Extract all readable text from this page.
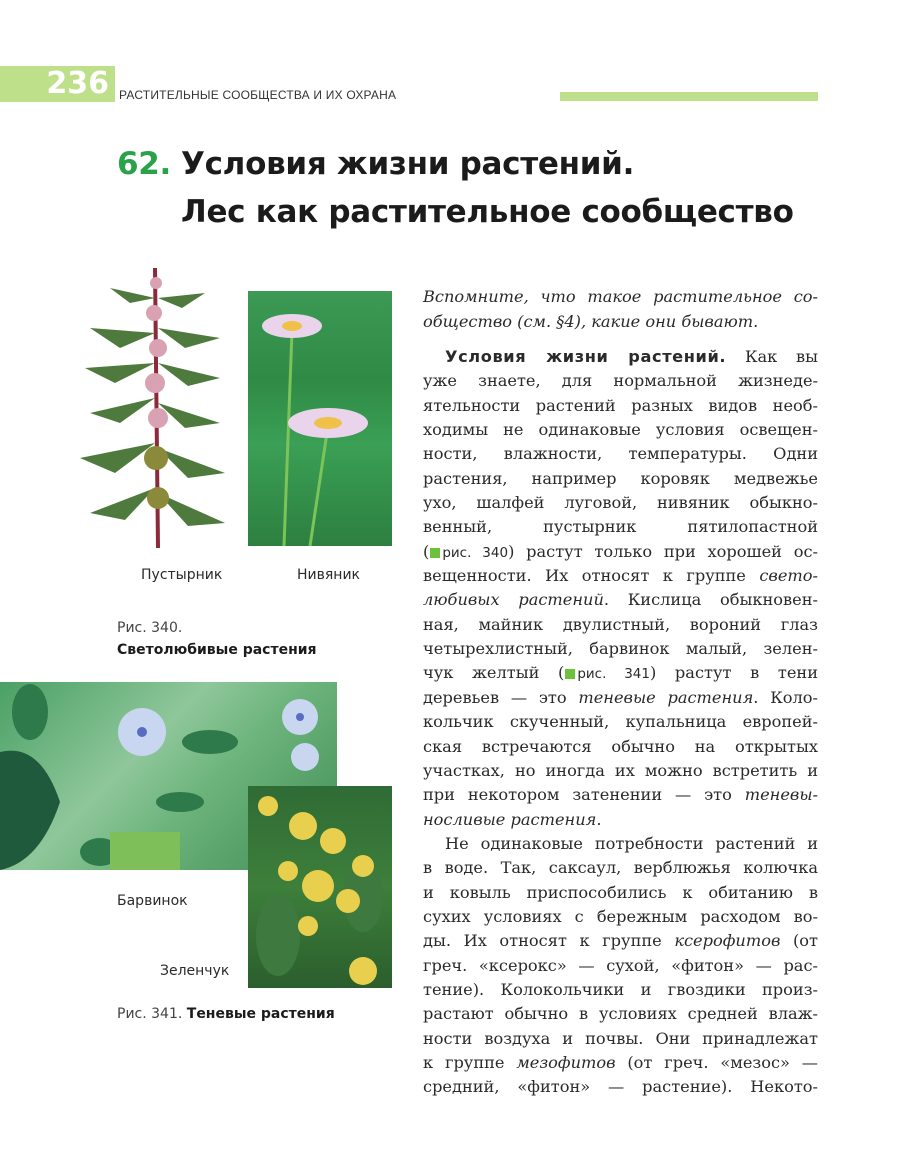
236 РАСТИТЕЛЬНЫЕ СООБЩЕСТВА И ИХ ОХРАНА
62. Условия жизни растений.
Лес как растительное сообщество
Пустырник	Нивяник
Рис. 340.
Светолюбивые растения
Барвинок
Зеленчук
Рис. 341. Теневые растения
Вспомните, что такое растительное со-
общество (см. §4), какие они бывают.
Условия жизни растений. Как вы
уже знаете, для нормальной жизнеде-
ятельности растений разных видов необ-
ходимы не одинаковые условия освещен-
ности, влажности, температуры. Одни
растения, например коровяк медвежье
ухо, шалфей луговой, нивяник обыкно-
венный, пустырник пятилопастной
( рис. 340) растут только при хорошей ос-
вещенности. Их относят к группе свето-
любивых растений. Кислица обыкновен-
ная, майник двулистный, вороний глаз
четырехлистный, барвинок малый, зелен-
чук желтый ( рис. 341) растут в тени
деревьев — это теневые растения. Коло-
кольчик скученный, купальница европей-
ская встречаются обычно на открытых
участках, но иногда их можно встретить и
при некотором затенении — это теневы-
носливые растения.
Не одинаковые потребности растений и
в воде. Так, саксаул, верблюжья колючка
и ковыль приспособились к обитанию в
сухих условиях с бережным расходом во-
ды. Их относят к группе ксерофитов (от
греч. «ксерокс» — сухой, «фитон» — рас-
тение). Колокольчики и гвоздики произ-
растают обычно в условиях средней влаж-
ности воздуха и почвы. Они принадлежат
к группе мезофитов (от греч. «мезос» —
средний, «фитон» — растение). Некото-
